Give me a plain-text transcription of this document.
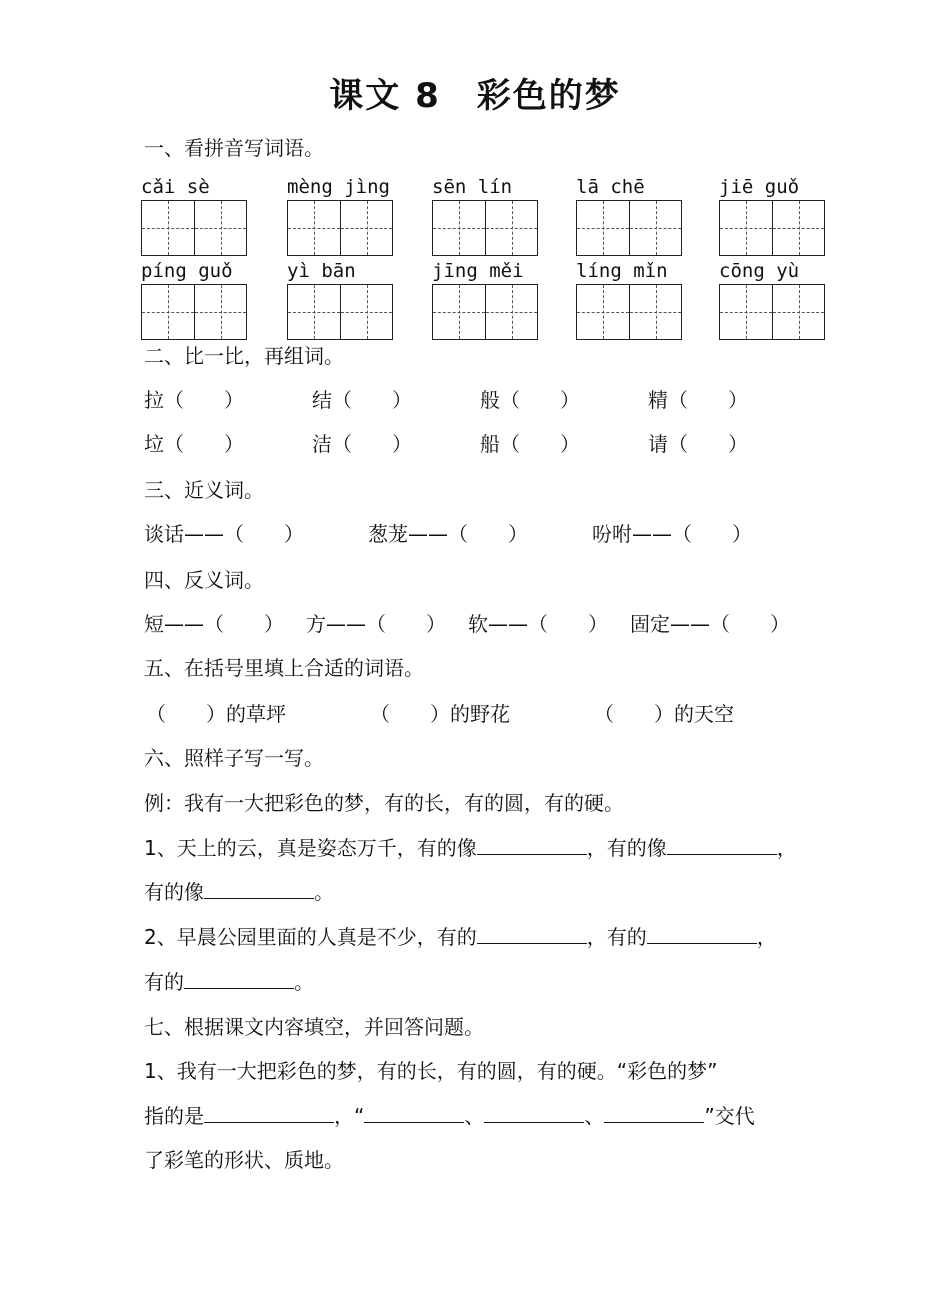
课文 8　彩色的梦
一、看拼音写词语。
cǎi sè	mèng jìng	sēn lín	lā chē	jiē guǒ
píng guǒ	yì bān	jīng měi	líng mǐn	cōng yù
二、比一比，再组词。
拉（　　）	结（　　）	般（　　）	精（　　）
垃（　　）	洁（　　）	船（　　）	请（　　）
三、近义词。
谈话——（　　）	葱茏——（　　）	吩咐——（　　）
四、反义词。
短——（　　） 方——（　　） 软——（　　） 固定——（　　）
五、在括号里填上合适的词语。
（　　）的草坪	（　　）的野花	（　　）的天空
六、照样子写一写。
例：我有一大把彩色的梦，有的长，有的圆，有的硬。
1、天上的云，真是姿态万千，有的像	，有的像	，
有的像	。
2、早晨公园里面的人真是不少，有的	，有的	，
有的	。
七、根据课文内容填空，并回答问题。
1、我有一大把彩色的梦，有的长，有的圆，有的硬。“彩色的梦”
指的是	，“	、	、	”交代
了彩笔的形状、质地。
